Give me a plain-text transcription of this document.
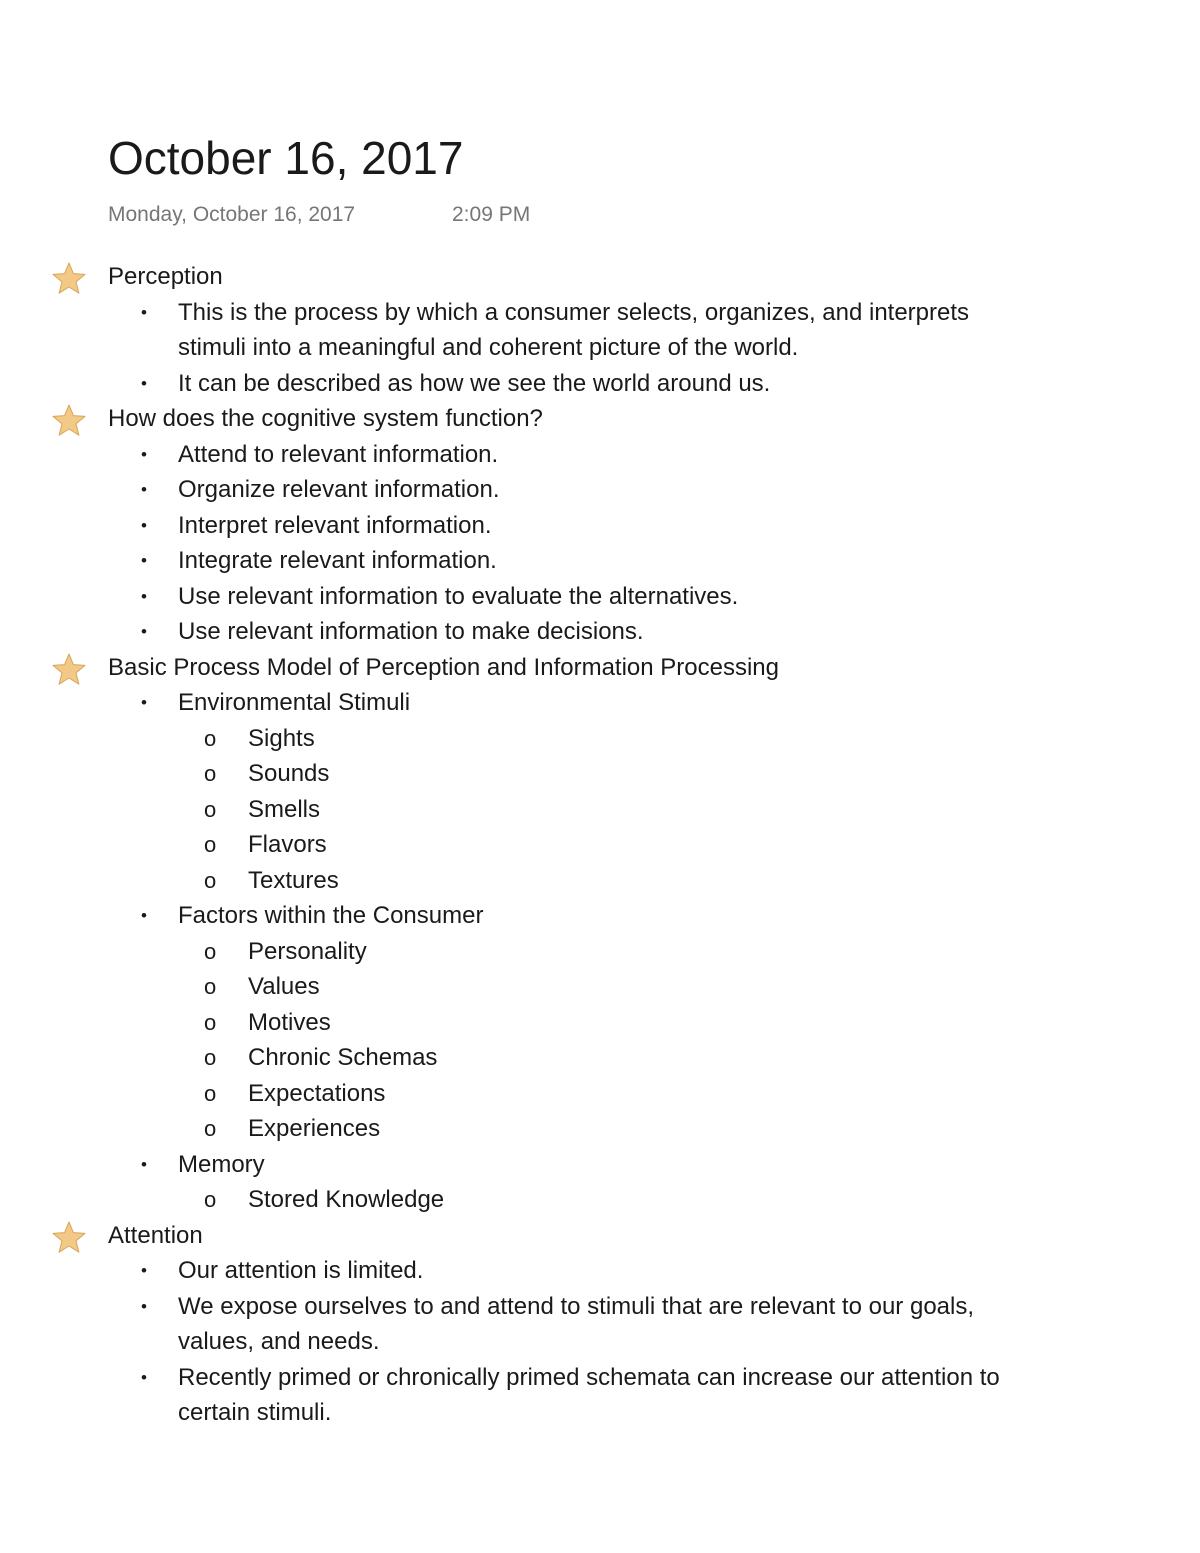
October 16, 2017
Monday, October 16, 2017	2:09 PM
Perception
• This is the process by which a consumer selects, organizes, and interprets
stimuli into a meaningful and coherent picture of the world.
• It can be described as how we see the world around us.
How does the cognitive system function?
• Attend to relevant information.
• Organize relevant information.
• Interpret relevant information.
• Integrate relevant information.
• Use relevant information to evaluate the alternatives.
• Use relevant information to make decisions.
Basic Process Model of Perception and Information Processing
• Environmental Stimuli
o Sights
o Sounds
o Smells
o Flavors
o Textures
• Factors within the Consumer
o Personality
o Values
o Motives
o Chronic Schemas
o Expectations
o Experiences
• Memory
o Stored Knowledge
Attention
• Our attention is limited.
• We expose ourselves to and attend to stimuli that are relevant to our goals,
values, and needs.
• Recently primed or chronically primed schemata can increase our attention to
certain stimuli.
